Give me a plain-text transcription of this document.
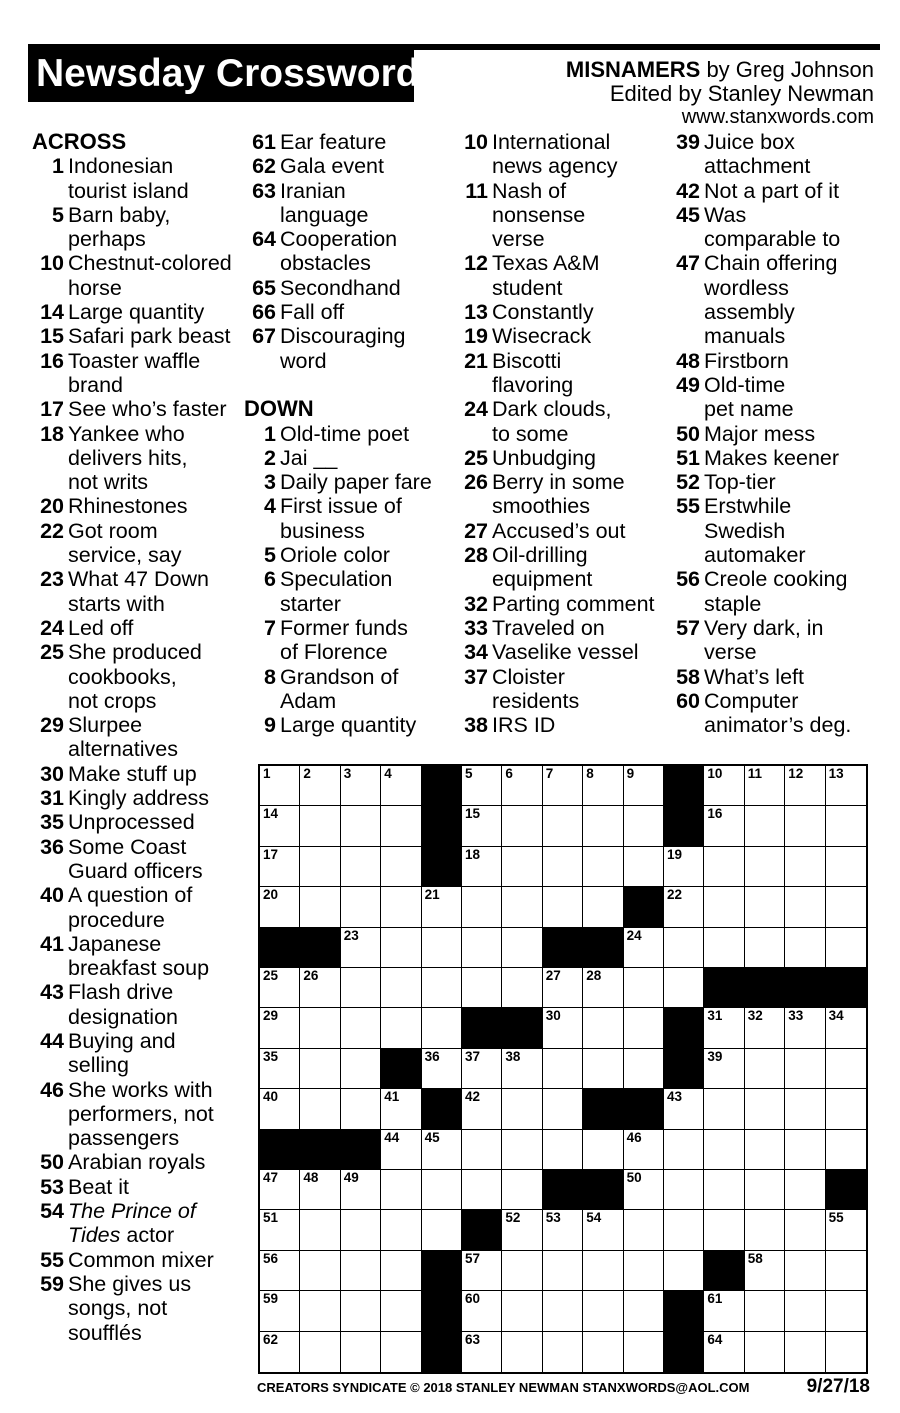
Newsday Crossword	MISNAMERS by Greg Johnson
Edited by Stanley Newman
www.stanxwords.com
ACROSS
1 Indonesian
tourist island
5 Barn baby,
perhaps
10 Chestnut-colored
horse
14 Large quantity
15 Safari park beast
16 Toaster waffle
brand
17 See who’s faster
18 Yankee who
delivers hits,
not writs
20 Rhinestones
22 Got room
service, say
23 What 47 Down
starts with
24 Led off
25 She produced
cookbooks,
not crops
29 Slurpee
alternatives
30 Make stuff up
31 Kingly address
35 Unprocessed
36 Some Coast
Guard officers
40 A question of
procedure
41 Japanese
breakfast soup
43 Flash drive
designation
44 Buying and
selling
46 She works with
performers, not
passengers
50 Arabian royals
53 Beat it
54 The Prince of
Tides actor
55 Common mixer
59 She gives us
songs, not
soufflés
61 Ear feature
62 Gala event
63 Iranian
language
64 Cooperation
obstacles
65 Secondhand
66 Fall off
67 Discouraging
word
DOWN
1 Old-time poet
2 Jai __
3 Daily paper fare
4 First issue of
business
5 Oriole color
6 Speculation
starter
7 Former funds
of Florence
8 Grandson of
Adam
9 Large quantity
10 International
news agency
11 Nash of
nonsense
verse
12 Texas A&M
student
13 Constantly
19 Wisecrack
21 Biscotti
flavoring
24 Dark clouds,
to some
25 Unbudging
26 Berry in some
smoothies
27 Accused’s out
28 Oil-drilling
equipment
32 Parting comment
33 Traveled on
34 Vaselike vessel
37 Cloister
residents
38 IRS ID
39 Juice box
attachment
42 Not a part of it
45 Was
comparable to
47 Chain offering
wordless
assembly
manuals
48 Firstborn
49 Old-time
pet name
50 Major mess
51 Makes keener
52 Top-tier
55 Erstwhile
Swedish
automaker
56 Creole cooking
staple
57 Very dark, in
verse
58 What’s left
60 Computer
animator’s deg.
1 2 3 4	5 6 7 8 9	10 11 12 13
14	15	16
17	18	19
20	21	22
23	24
25 26	27 28
29	30	31 32 33 34
35	36 37 38	39
40	41	42	43
44 45	46
47 48 49	50
51	52 53 54	55
56	57	58
59	60	61
62	63	64
CREATORS SYNDICATE © 2018 STANLEY NEWMAN STANXWORDS@AOL.COM	9/27/18
